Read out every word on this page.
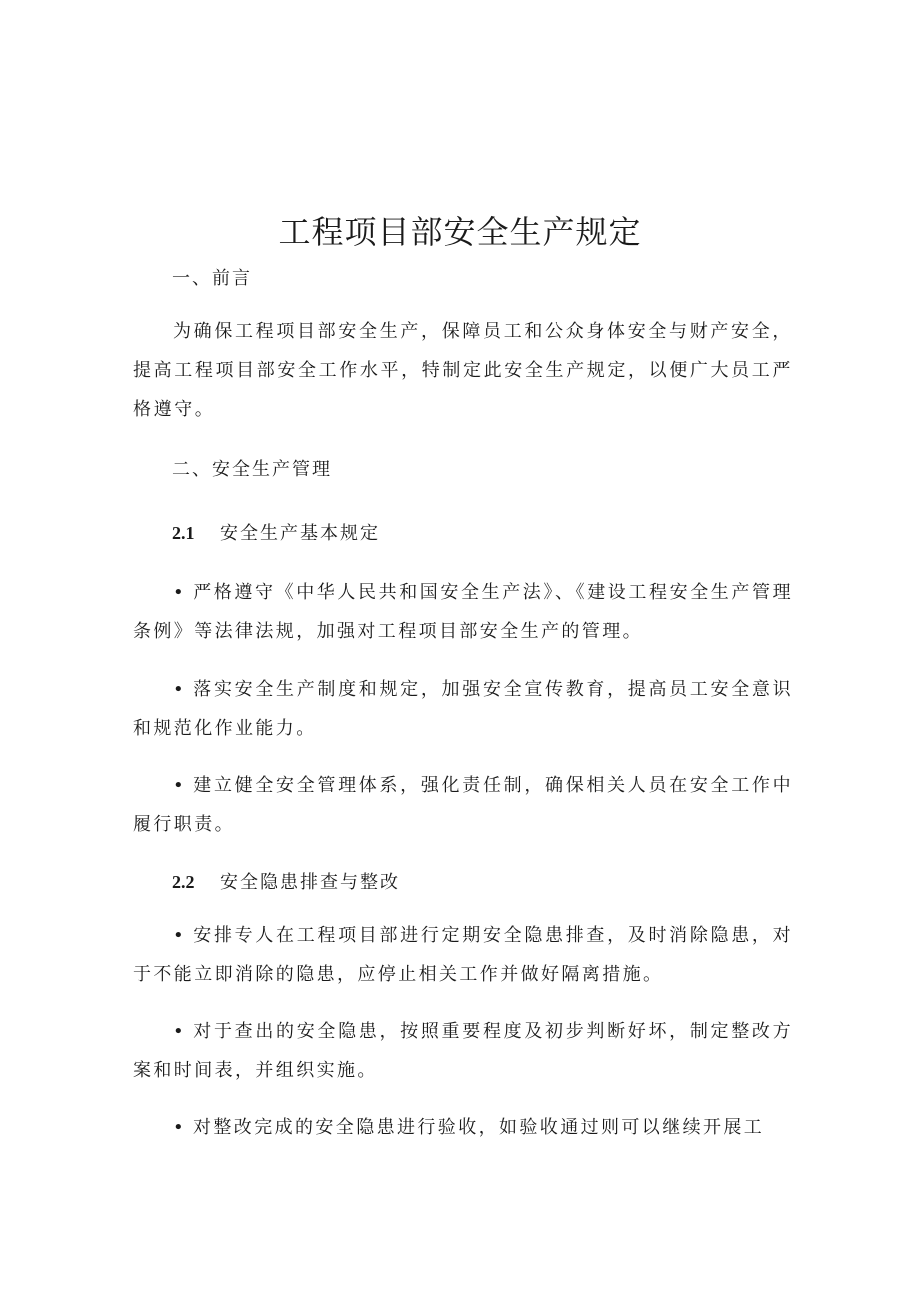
工程项目部安全生产规定
一、前言
为确保工程项目部安全生产，保障员工和公众身体安全与财产安全，提高工程项目部安全工作水平，特制定此安全生产规定，以便广大员工严格遵守。
二、安全生产管理
2.1 安全生产基本规定
• 严格遵守《中华人民共和国安全生产法》、《建设工程安全生产管理条例》等法律法规，加强对工程项目部安全生产的管理。
• 落实安全生产制度和规定，加强安全宣传教育，提高员工安全意识和规范化作业能力。
• 建立健全安全管理体系，强化责任制，确保相关人员在安全工作中履行职责。
2.2 安全隐患排查与整改
• 安排专人在工程项目部进行定期安全隐患排查，及时消除隐患，对于不能立即消除的隐患，应停止相关工作并做好隔离措施。
• 对于查出的安全隐患，按照重要程度及初步判断好坏，制定整改方案和时间表，并组织实施。
• 对整改完成的安全隐患进行验收，如验收通过则可以继续开展工
